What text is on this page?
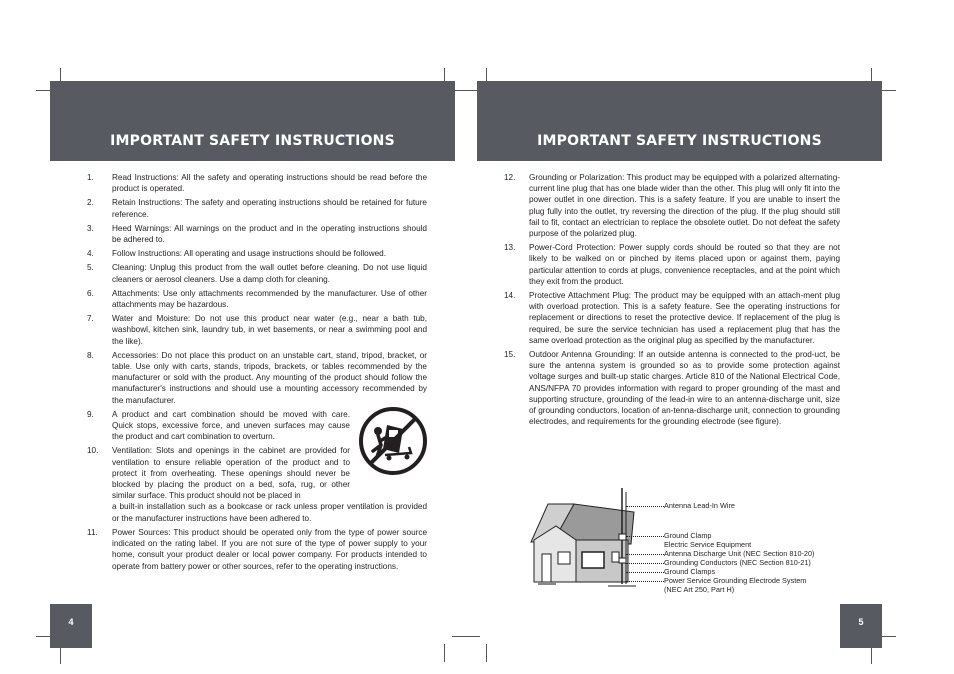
IMPORTANT SAFETY INSTRUCTIONS
1. Read Instructions: All the safety and operating instructions should be read before the product is operated.
2. Retain Instructions: The safety and operating instructions should be retained for future reference.
3. Heed Warnings: All warnings on the product and in the operating instructions should be adhered to.
4. Follow Instructions: All operating and usage instructions should be followed.
5. Cleaning: Unplug this product from the wall outlet before cleaning. Do not use liquid cleaners or aerosol cleaners. Use a damp cloth for cleaning.
6. Attachments: Use only attachments recommended by the manufacturer. Use of other attachments may be hazardous.
7. Water and Moisture: Do not use this product near water (e.g., near a bath tub, washbowl, kitchen sink, laundry tub, in wet basements, or near a swimming pool and the like).
8. Accessories: Do not place this product on an unstable cart, stand, tripod, bracket, or table. Use only with carts, stands, tripods, brackets, or tables recommended by the manufacturer or sold with the product. Any mounting of the product should follow the manufacturer's instructions and should use a mounting accessory recommended by the manufacturer.
9. A product and cart combination should be moved with care. Quick stops, excessive force, and uneven surfaces may cause the product and cart combination to overturn.
10. Ventilation: Slots and openings in the cabinet are provided for ventilation to ensure reliable operation of the product and to protect it from overheating. These openings should never be blocked by placing the product on a bed, sofa, rug, or other similar surface. This product should not be placed in
a built-in installation such as a bookcase or rack unless proper ventilation is provided or the manufacturer instructions have been adhered to.
11. Power Sources: This product should be operated only from the type of power source indicated on the rating label. If you are not sure of the type of power supply to your home, consult your product dealer or local power company. For products intended to operate from battery power or other sources, refer to the operating instructions.
4
IMPORTANT SAFETY INSTRUCTIONS
12. Grounding or Polarization: This product may be equipped with a polarized alternating-current line plug that has one blade wider than the other. This plug will only fit into the power outlet in one direction. This is a safety feature. If you are unable to insert the plug fully into the outlet, try reversing the direction of the plug. If the plug should still fail to fit, contact an electrician to replace the obsolete outlet. Do not defeat the safety purpose of the polarized plug.
13. Power-Cord Protection: Power supply cords should be routed so that they are not likely to be walked on or pinched by items placed upon or against them, paying particular attention to cords at plugs, convenience receptacles, and at the point which they exit from the product.
14. Protective Attachment Plug: The product may be equipped with an attach-ment plug with overload protection. This is a safety feature. See the operating instructions for replacement or directions to reset the protective device. If replacement of the plug is required, be sure the service technician has used a replacement plug that has the same overload protection as the original plug as specified by the manufacturer.
15. Outdoor Antenna Grounding: If an outside antenna is connected to the prod-uct, be sure the antenna system is grounded so as to provide some protection against voltage surges and built-up static charges. Article 810 of the National Electrical Code, ANS/NFPA 70 provides information with regard to proper grounding of the mast and supporting structure, grounding of the lead-in wire to an antenna-discharge unit, size of grounding conductors, location of an-tenna-discharge unit, connection to grounding electrodes, and requirements for the grounding electrode (see figure).
Antenna Lead-In Wire
Ground Clamp
Electric Service Equipment
Antenna Discharge Unit (NEC Section 810-20)
Grounding Conductors (NEC Section 810-21)
Ground Clamps
Power Service Grounding Electrode System
(NEC Art 250, Part H)
5
